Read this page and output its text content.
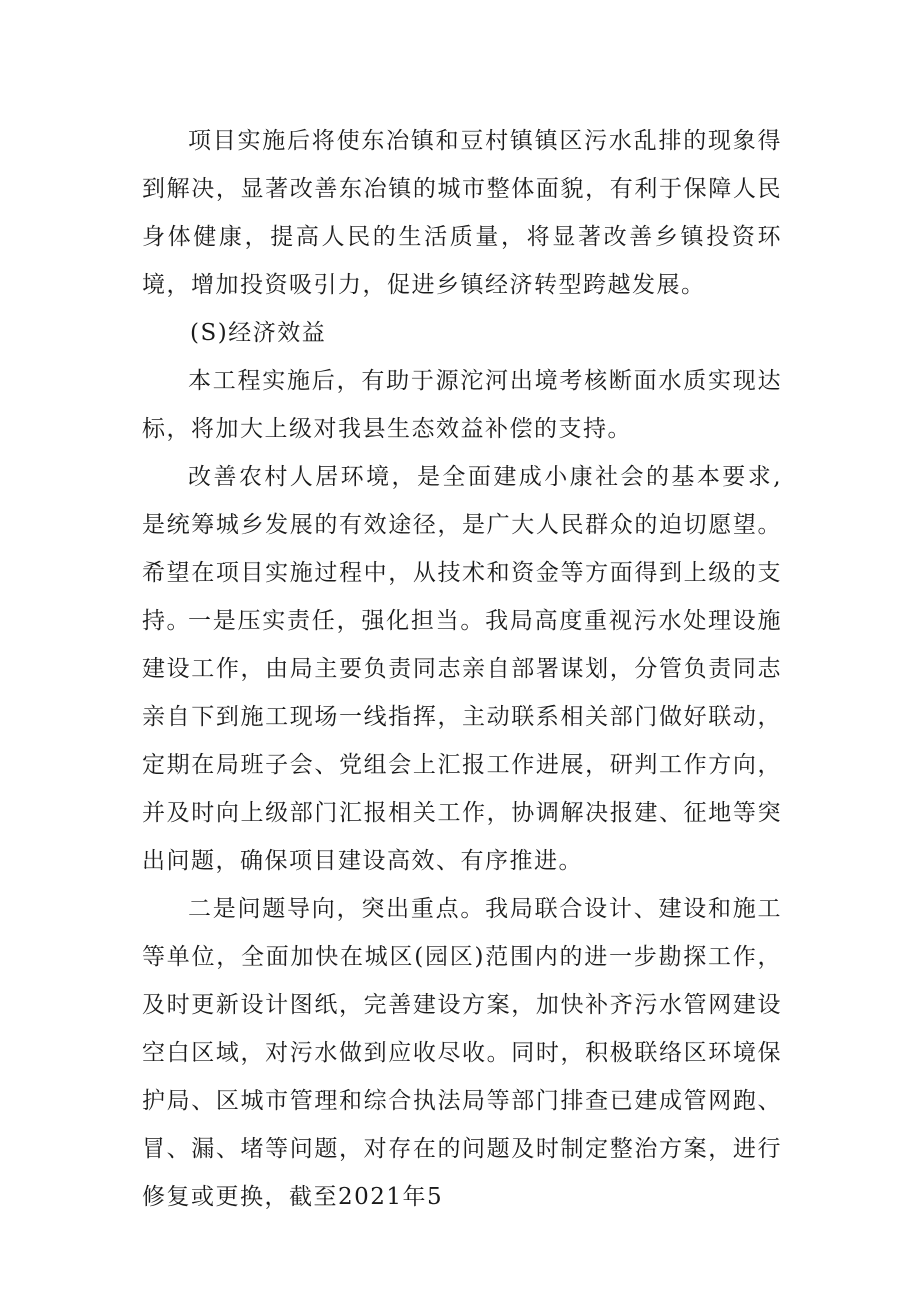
项目实施后将使东冶镇和豆村镇镇区污水乱排的现象得到解决，显著改善东冶镇的城市整体面貌，有利于保障人民身体健康，提高人民的生活质量，将显著改善乡镇投资环境，增加投资吸引力，促进乡镇经济转型跨越发展。

(S)经济效益

本工程实施后，有助于源沱河出境考核断面水质实现达标，将加大上级对我县生态效益补偿的支持。

改善农村人居环境，是全面建成小康社会的基本要求,是统筹城乡发展的有效途径，是广大人民群众的迫切愿望。希望在项目实施过程中，从技术和资金等方面得到上级的支持。

一是压实责任，强化担当。我局高度重视污水处理设施建设工作，由局主要负责同志亲自部署谋划，分管负责同志亲自下到施工现场一线指挥，主动联系相关部门做好联动，定期在局班子会、党组会上汇报工作进展，研判工作方向，并及时向上级部门汇报相关工作，协调解决报建、征地等突出问题，确保项目建设高效、有序推进。

二是问题导向，突出重点。我局联合设计、建设和施工等单位，全面加快在城区(园区)范围内的进一步勘探工作，及时更新设计图纸，完善建设方案，加快补齐污水管网建设空白区域，对污水做到应收尽收。同时，积极联络区环境保护局、区城市管理和综合执法局等部门排查已建成管网跑、冒、漏、堵等问题，对存在的问题及时制定整治方案，进行修复或更换，截至2021年5
